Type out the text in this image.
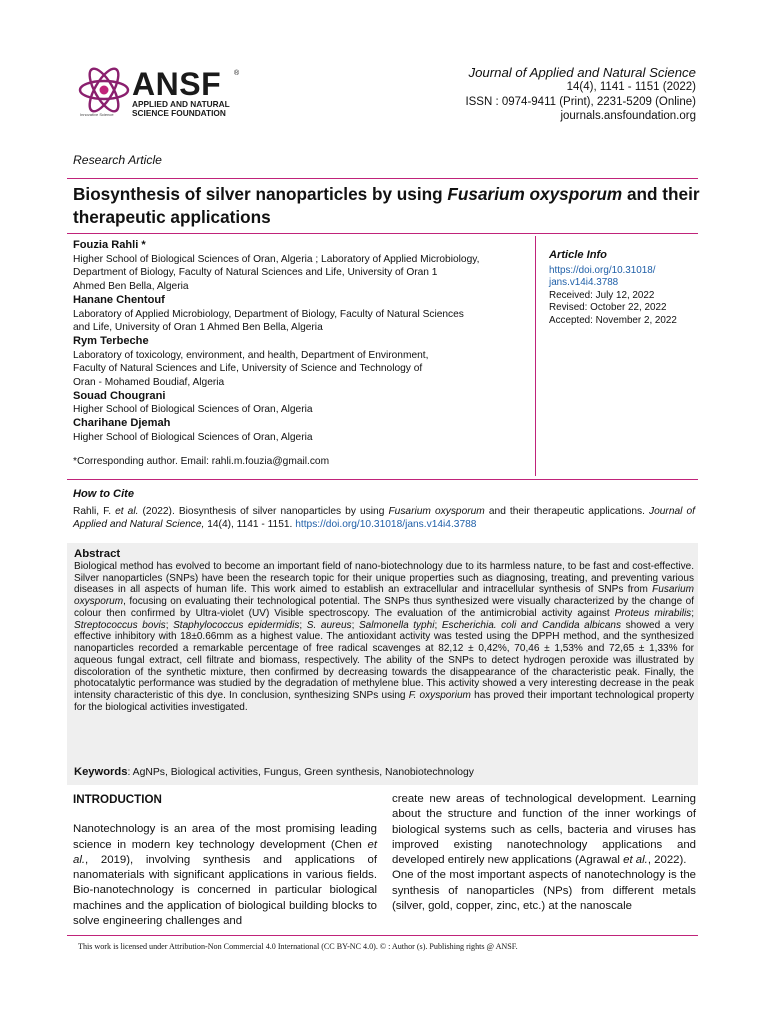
ANSF ®
APPLIED AND NATURAL
SCIENCE FOUNDATION
Innovative Science
Journal of Applied and Natural Science
14(4), 1141 - 1151 (2022)
ISSN : 0974-9411 (Print), 2231-5209 (Online)
journals.ansfoundation.org
Research Article
Biosynthesis of silver nanoparticles by using Fusarium oxysporum and their therapeutic applications
Fouzia Rahli *
Higher School of Biological Sciences of Oran, Algeria ; Laboratory of Applied Microbiology,
Department of Biology, Faculty of Natural Sciences and Life, University of Oran 1
Ahmed Ben Bella, Algeria
Hanane Chentouf
Laboratory of Applied Microbiology, Department of Biology, Faculty of Natural Sciences
and Life, University of Oran 1 Ahmed Ben Bella, Algeria
Rym Terbeche
Laboratory of toxicology, environment, and health, Department of Environment,
Faculty of Natural Sciences and Life, University of Science and Technology of
Oran - Mohamed Boudiaf, Algeria
Souad Chougrani
Higher School of Biological Sciences of Oran, Algeria
Charihane Djemah
Higher School of Biological Sciences of Oran, Algeria
*Corresponding author. Email: rahli.m.fouzia@gmail.com
Article Info
https://doi.org/10.31018/
jans.v14i4.3788
Received: July 12, 2022
Revised: October 22, 2022
Accepted: November 2, 2022
How to Cite
Rahli, F. et al. (2022). Biosynthesis of silver nanoparticles by using Fusarium oxysporum and their therapeutic applications. Journal of Applied and Natural Science, 14(4), 1141 - 1151. https://doi.org/10.31018/jans.v14i4.3788
Abstract
Biological method has evolved to become an important field of nano-biotechnology due to its harmless nature, to be fast and cost-effective. Silver nanoparticles (SNPs) have been the research topic for their unique properties such as diagnosing, treating, and preventing various diseases in all aspects of human life. This work aimed to establish an extracellular and intracellular synthesis of SNPs from Fusarium oxysporum, focusing on evaluating their technological potential. The SNPs thus synthesized were visually characterized by the change of colour then confirmed by Ultra-violet (UV) Visible spectroscopy. The evaluation of the antimicrobial activity against Proteus mirabilis; Streptococcus bovis; Staphylococcus epidermidis; S. aureus; Salmonella typhi; Escherichia. coli and Candida albicans showed a very effective inhibitory with 18±0.66mm as a highest value. The antioxidant activity was tested using the DPPH method, and the synthesized nanoparticles recorded a remarkable percentage of free radical scavenges at 82,12 ± 0,42%, 70,46 ± 1,53% and 72,65 ± 1,33% for aqueous fungal extract, cell filtrate and biomass, respectively. The ability of the SNPs to detect hydrogen peroxide was illustrated by discoloration of the synthetic mixture, then confirmed by decreasing towards the disappearance of the characteristic peak. Finally, the photocatalytic performance was studied by the degradation of methylene blue. This activity showed a very interesting decrease in the peak intensity characteristic of this dye. In conclusion, synthesizing SNPs using F. oxysporium has proved their important technological property for the biological activities investigated.
Keywords: AgNPs, Biological activities, Fungus, Green synthesis, Nanobiotechnology
INTRODUCTION
Nanotechnology is an area of the most promising leading science in modern key technology development (Chen et al., 2019), involving synthesis and applications of nanomaterials with significant applications in various fields. Bio-nanotechnology is concerned in particular biological machines and the application of biological building blocks to solve engineering challenges and
create new areas of technological development. Learning about the structure and function of the inner workings of biological systems such as cells, bacteria and viruses has improved existing nanotechnology applications and developed entirely new applications (Agrawal et al., 2022).
One of the most important aspects of nanotechnology is the synthesis of nanoparticles (NPs) from different metals (silver, gold, copper, zinc, etc.) at the nanoscale
This work is licensed under Attribution-Non Commercial 4.0 International (CC BY-NC 4.0). © : Author (s). Publishing rights @ ANSF.
